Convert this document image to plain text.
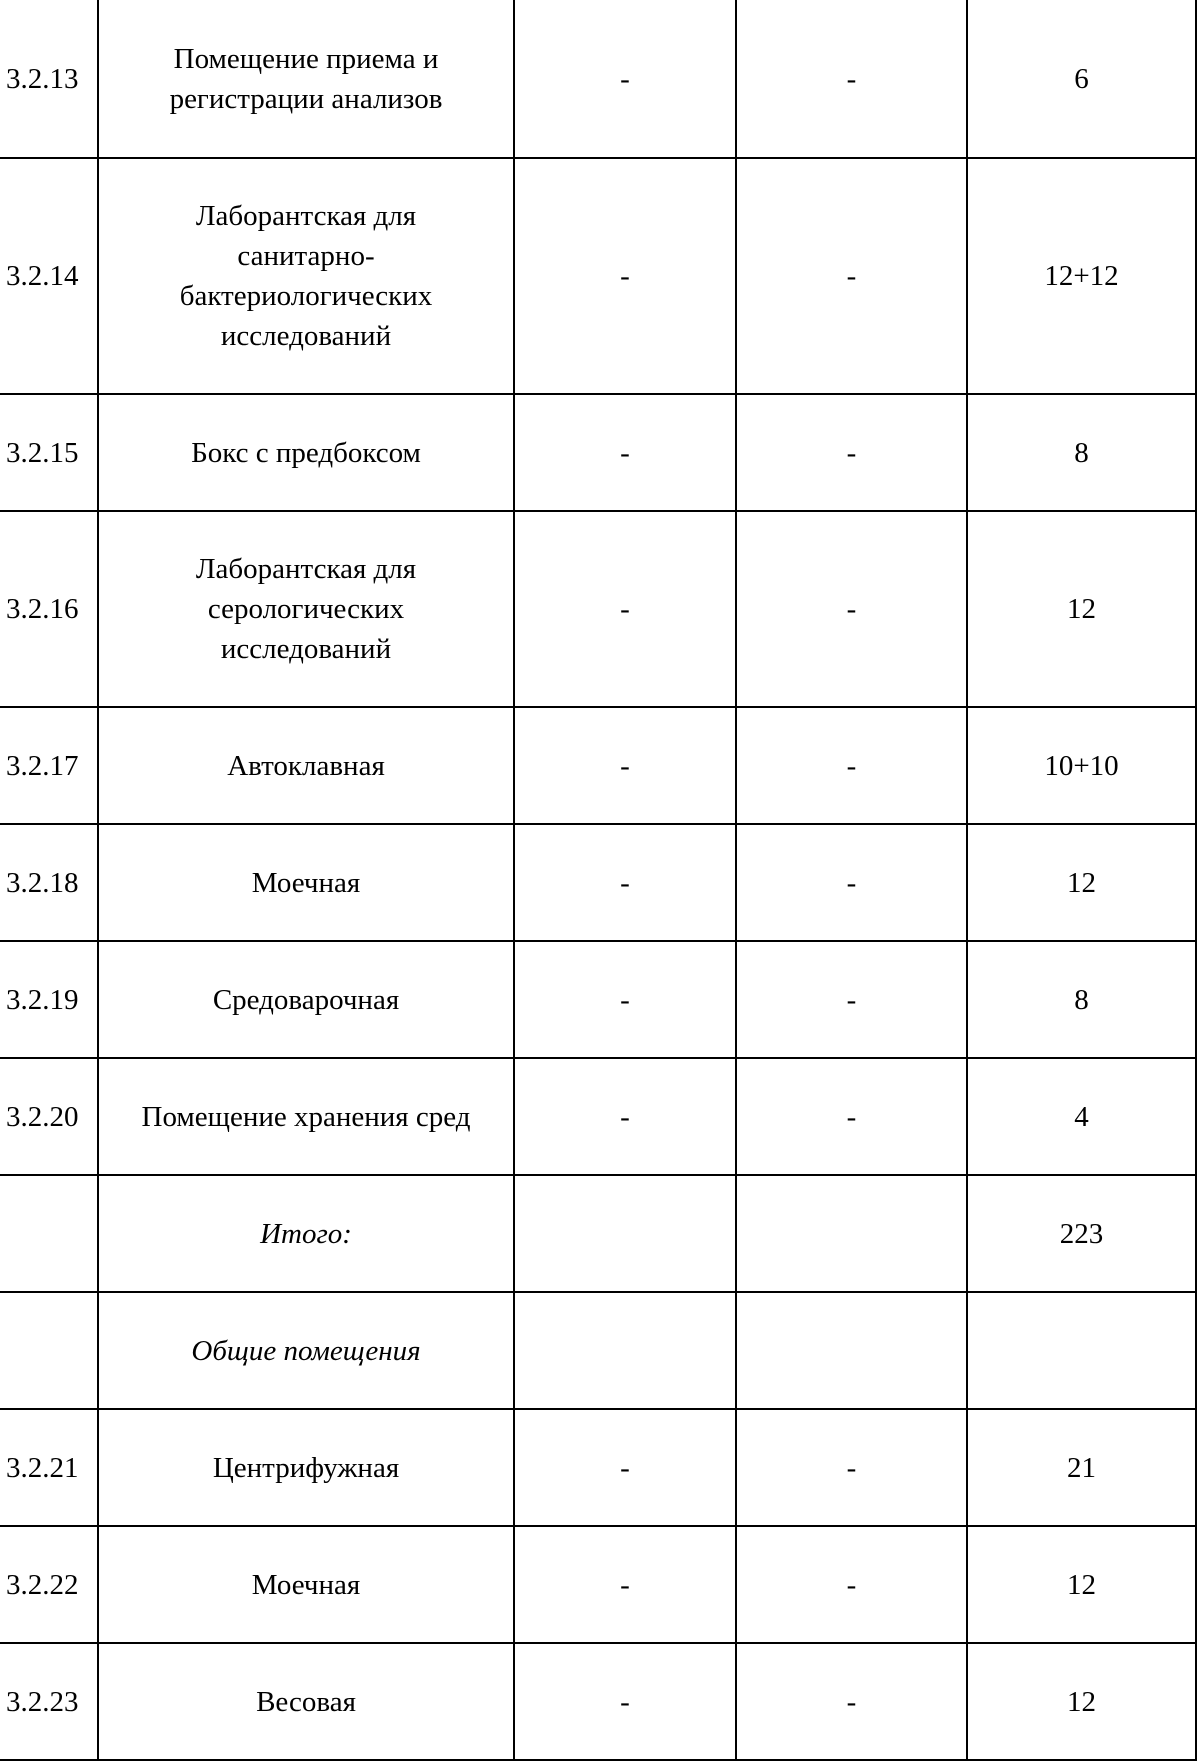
3.2.13	Помещение приема и регистрации анализов	-	-	6
3.2.14	Лаборантская для санитарно-бактериологических исследований	-	-	12+12
3.2.15	Бокс с предбоксом	-	-	8
3.2.16	Лаборантская для серологических исследований	-	-	12
3.2.17	Автоклавная	-	-	10+10
3.2.18	Моечная	-	-	12
3.2.19	Средоварочная	-	-	8
3.2.20	Помещение хранения сред	-	-	4
	Итого:			223
	Общие помещения			
3.2.21	Центрифужная	-	-	21
3.2.22	Моечная	-	-	12
3.2.23	Весовая	-	-	12
